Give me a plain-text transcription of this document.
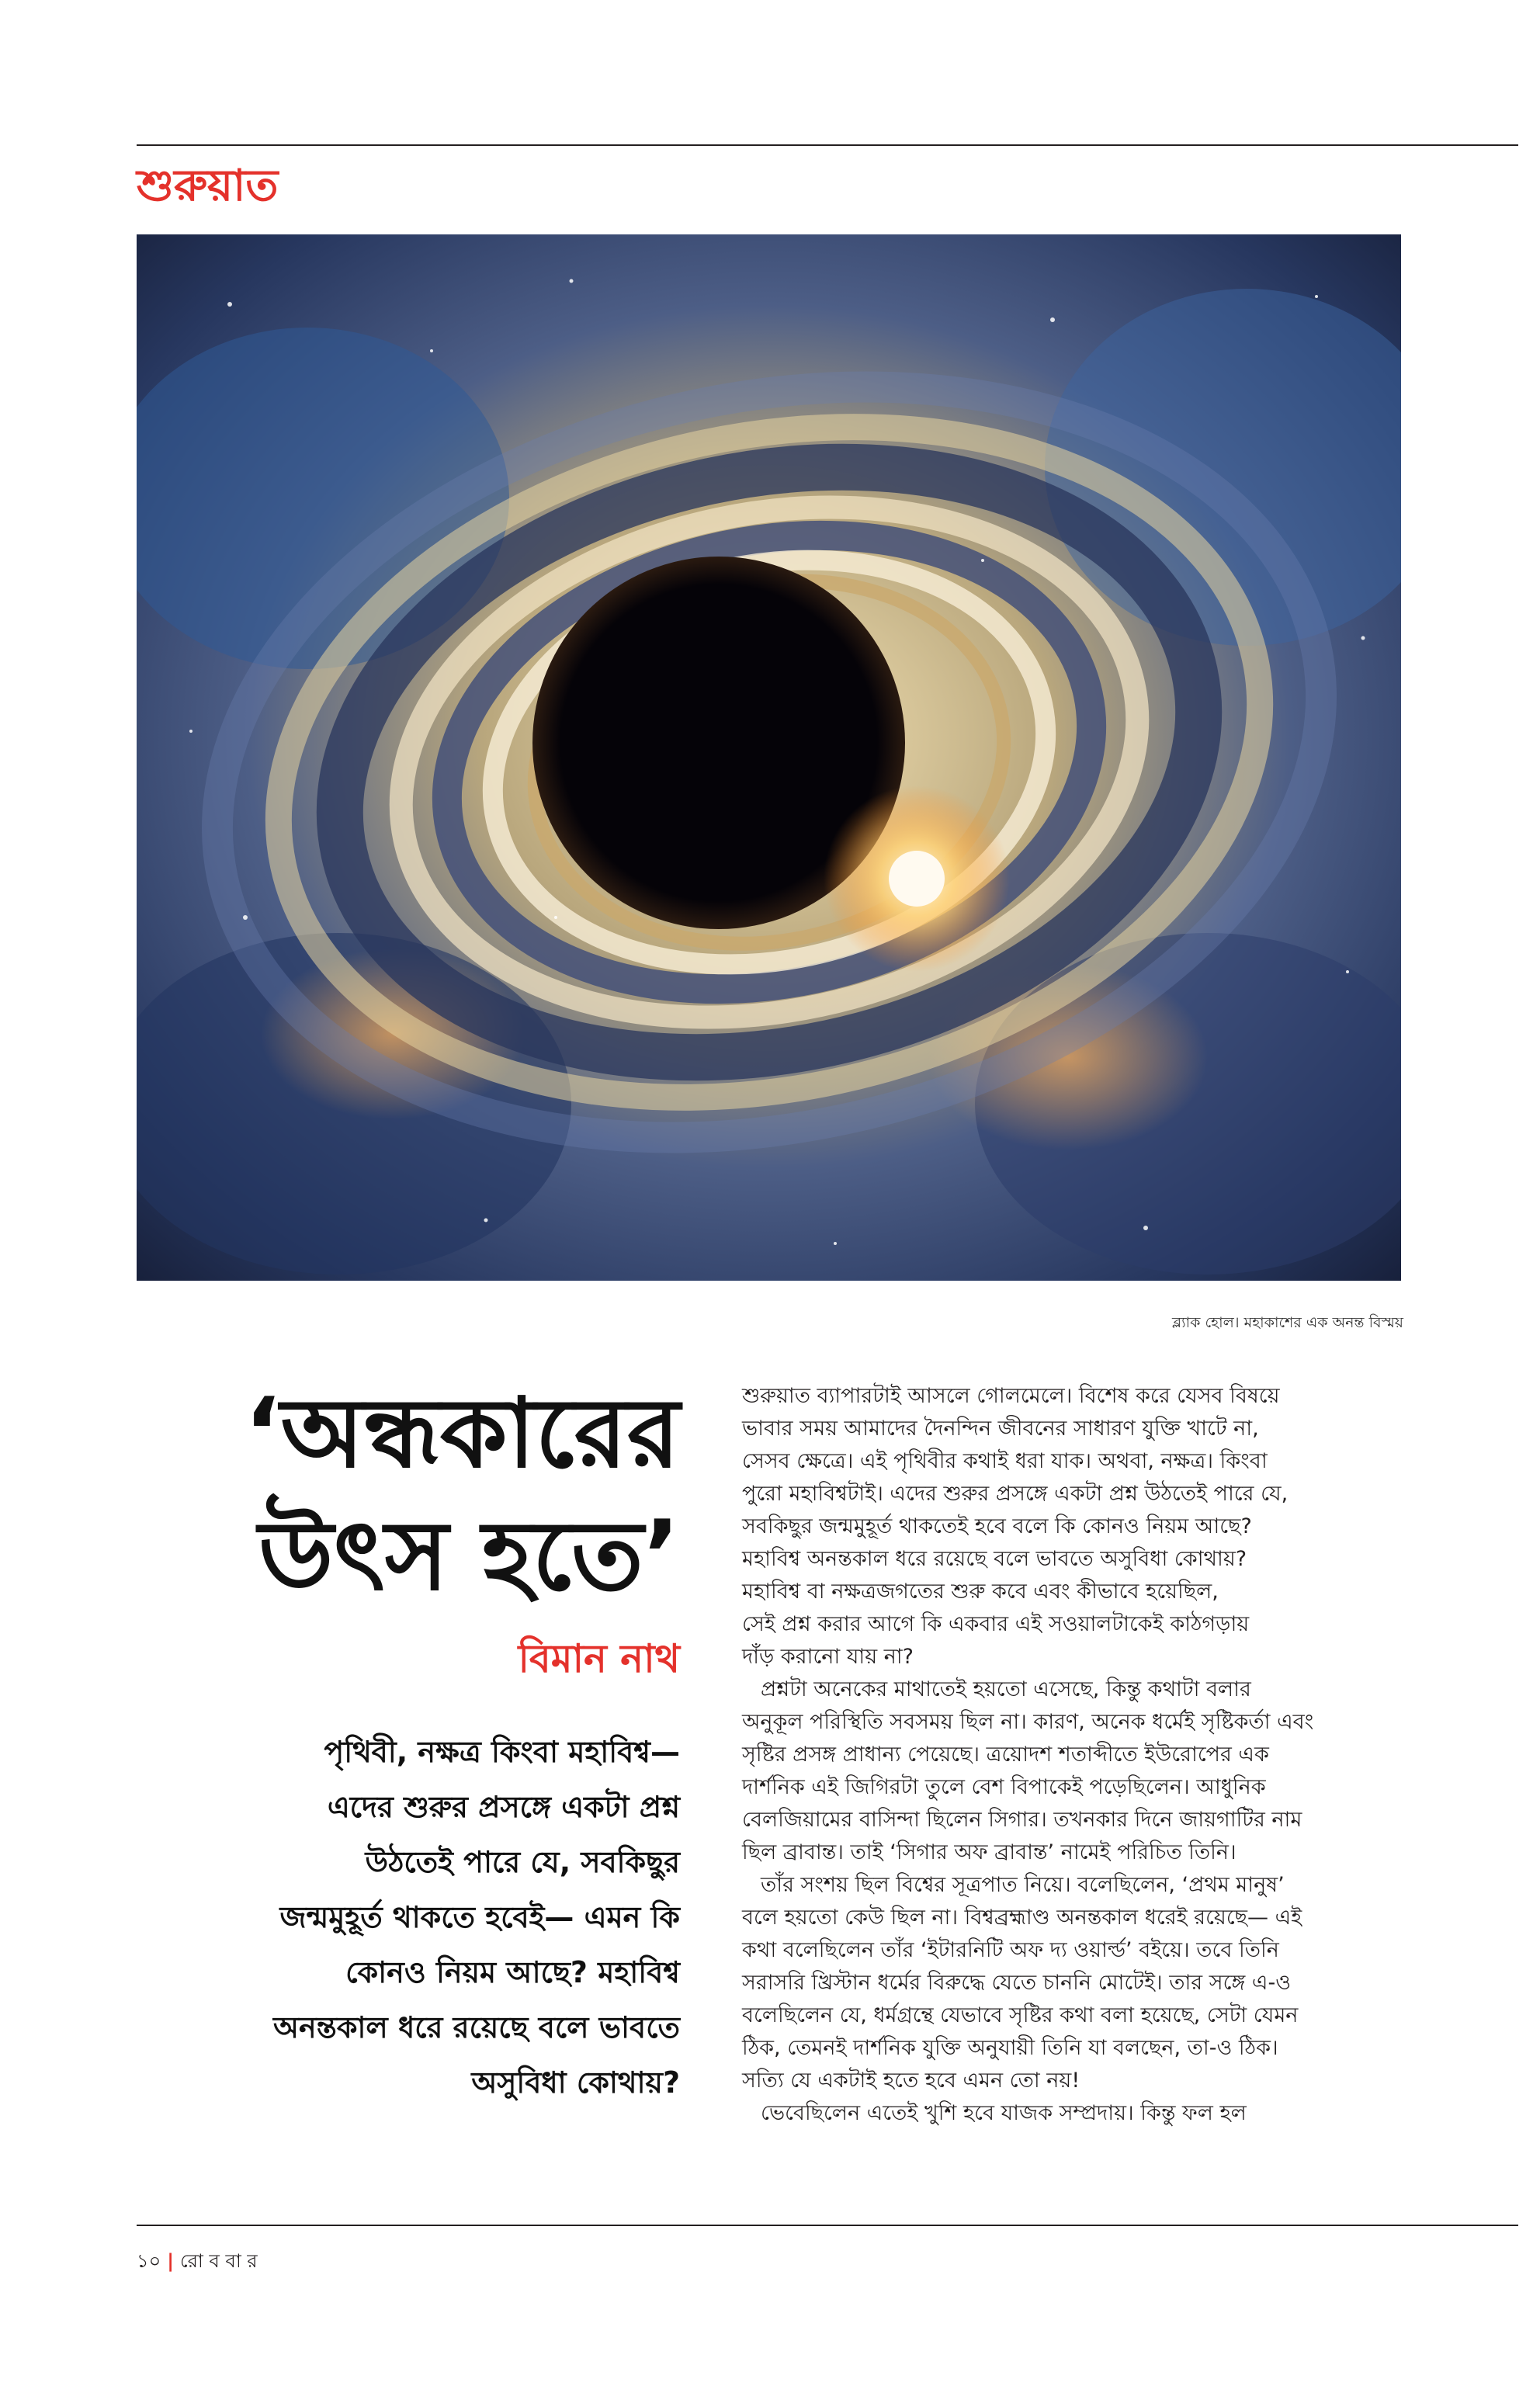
শুরুয়াত
ব্ল্যাক হোল। মহাকাশের এক অনন্ত বিস্ময়
‘অন্ধকারের
উৎস হতে’
বিমান নাথ
পৃথিবী, নক্ষত্র কিংবা মহাবিশ্ব—
এদের শুরুর প্রসঙ্গে একটা প্রশ্ন
উঠতেই পারে যে, সবকিছুর
জন্মমুহূর্ত থাকতে হবেই— এমন কি
কোনও নিয়ম আছে? মহাবিশ্ব
অনন্তকাল ধরে রয়েছে বলে ভাবতে
অসুবিধা কোথায়?
শুরুয়াত ব্যাপারটাই আসলে গোলমেলে। বিশেষ করে যেসব বিষয়ে
ভাবার সময় আমাদের দৈনন্দিন জীবনের সাধারণ যুক্তি খাটে না,
সেসব ক্ষেত্রে। এই পৃথিবীর কথাই ধরা যাক। অথবা, নক্ষত্র। কিংবা
পুরো মহাবিশ্বটাই। এদের শুরুর প্রসঙ্গে একটা প্রশ্ন উঠতেই পারে যে,
সবকিছুর জন্মমুহূর্ত থাকতেই হবে বলে কি কোনও নিয়ম আছে?
মহাবিশ্ব অনন্তকাল ধরে রয়েছে বলে ভাবতে অসুবিধা কোথায়?
মহাবিশ্ব বা নক্ষত্রজগতের শুরু কবে এবং কীভাবে হয়েছিল,
সেই প্রশ্ন করার আগে কি একবার এই সওয়ালটাকেই কাঠগড়ায়
দাঁড় করানো যায় না?
প্রশ্নটা অনেকের মাথাতেই হয়তো এসেছে, কিন্তু কথাটা বলার
অনুকূল পরিস্থিতি সবসময় ছিল না। কারণ, অনেক ধর্মেই সৃষ্টিকর্তা এবং
সৃষ্টির প্রসঙ্গ প্রাধান্য পেয়েছে। ত্রয়োদশ শতাব্দীতে ইউরোপের এক
দার্শনিক এই জিগিরটা তুলে বেশ বিপাকেই পড়েছিলেন। আধুনিক
বেলজিয়ামের বাসিন্দা ছিলেন সিগার। তখনকার দিনে জায়গাটির নাম
ছিল ব্রাবান্ত। তাই ‘সিগার অফ ব্রাবান্ত’ নামেই পরিচিত তিনি।
তাঁর সংশয় ছিল বিশ্বের সূত্রপাত নিয়ে। বলেছিলেন, ‘প্রথম মানুষ’
বলে হয়তো কেউ ছিল না। বিশ্বব্রহ্মাণ্ড অনন্তকাল ধরেই রয়েছে— এই
কথা বলেছিলেন তাঁর ‘ইটারনিটি অফ দ্য ওয়ার্ল্ড’ বইয়ে। তবে তিনি
সরাসরি খ্রিস্টান ধর্মের বিরুদ্ধে যেতে চাননি মোটেই। তার সঙ্গে এ-ও
বলেছিলেন যে, ধর্মগ্রন্থে যেভাবে সৃষ্টির কথা বলা হয়েছে, সেটা যেমন
ঠিক, তেমনই দার্শনিক যুক্তি অনুযায়ী তিনি যা বলছেন, তা-ও ঠিক।
সত্যি যে একটাই হতে হবে এমন তো নয়!
ভেবেছিলেন এতেই খুশি হবে যাজক সম্প্রদায়। কিন্তু ফল হল
১০ | রো ব বা র
